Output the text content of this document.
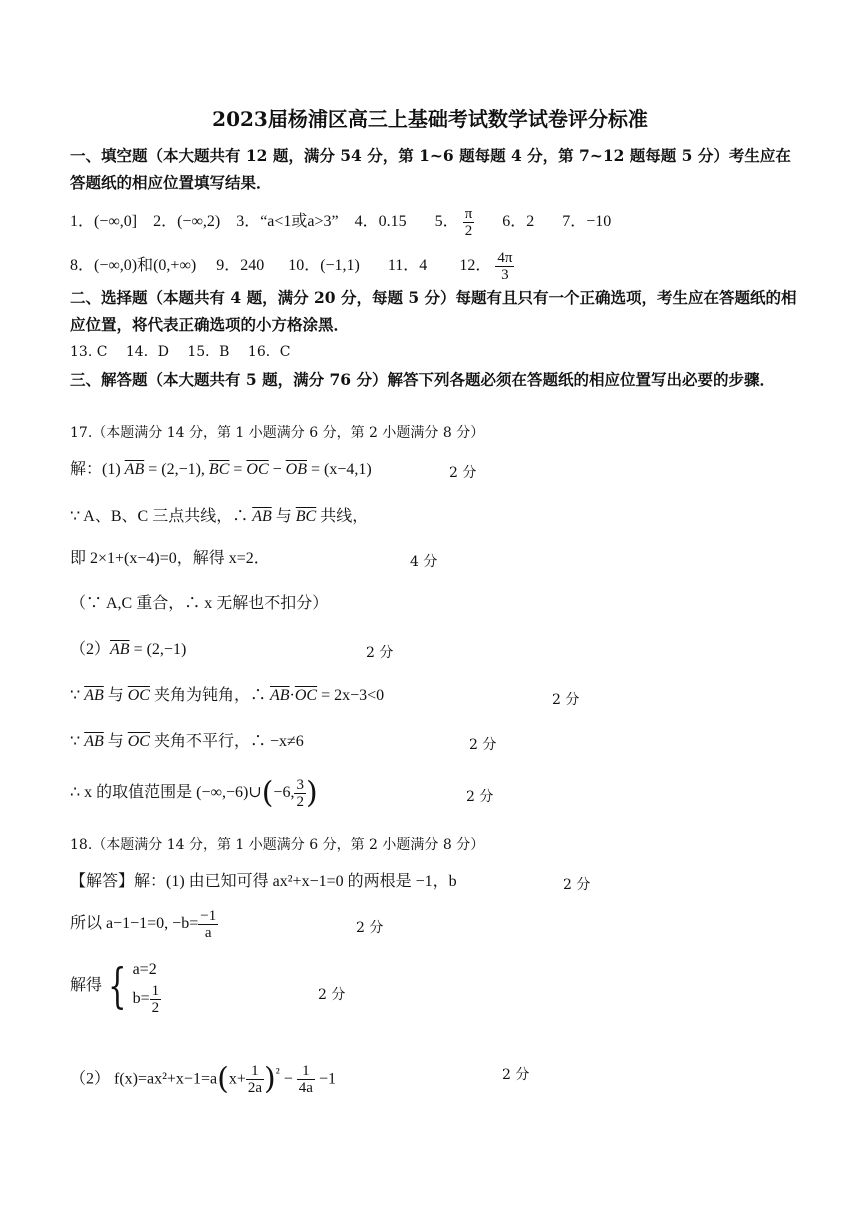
2023届杨浦区高三上基础考试数学试卷评分标准
一、填空题（本大题共有 12 题，满分 54 分，第 1~6 题每题 4 分，第 7~12 题每题 5 分）考生应在答题纸的相应位置填写结果．
1．(−∞,0] 2．(−∞,2) 3．“a<1或a>3” 4．0.15 5． $\frac{\pi}{2} 6$．2 7．−10
8．(−∞,0)和(0,+∞) 9．240 10．(−1,1) 11．4 12． $\frac{4\pi}{3}$
二、选择题（本题共有 4 题，满分 20 分，每题 5 分）每题有且只有一个正确选项，考生应在答题纸的相应位置，将代表正确选项的小方格涂黑．
13. C　 14．D　 15．B　 16．C
三、解答题（本大题共有 5 题，满分 76 分）解答下列各题必须在答题纸的相应位置写出必要的步骤．
17.（本题满分 14 分，第 1 小题满分 6 分，第 2 小题满分 8 分）
解：(1) $\overline{AB} = (2,-1)$, $\overline{BC} = \overline{OC} - \overline{OB} = (x-4,1)$	2 分
∵ A、B、C 三点共线，∴ $\overline{AB}$ 与 $\overline{BC}$ 共线，
即 2×1+(x−4)=0，解得 x=2．	4 分
（∵ A,C 重合，∴ x 无解也不扣分）
$(2)\overline{AB} = (2,-1)$	2 分
∵ $\overline{AB}$ 与 $\overline{OC}$ 夹角为钝角，∴ $\overline{AB}\cdot\overline{OC} = 2x-3<0$	2 分
∵ $\overline{AB}$ 与 $\overline{OC}$ 夹角不平行，∴ −x≠6	2 分
∴ x 的取值范围是 (−∞,−6)∪(−6, $\frac{3}{2}$ )	2 分
18.（本题满分 14 分，第 1 小题满分 6 分，第 2 小题满分 8 分）
【解答】解：(1) 由已知可得 ax²+x−1=0 的两根是 −1，b	2 分
所以 a−1−1=0, $-b= \frac{-1}{a}$	2 分
解得 { a=2
$b= \frac{1}{2}$	2 分
（2） $f(x)=ax^2+x-1=a(x+ \frac{1}{2a} )^{^2} - \frac{1}{4a} -1$	2 分
